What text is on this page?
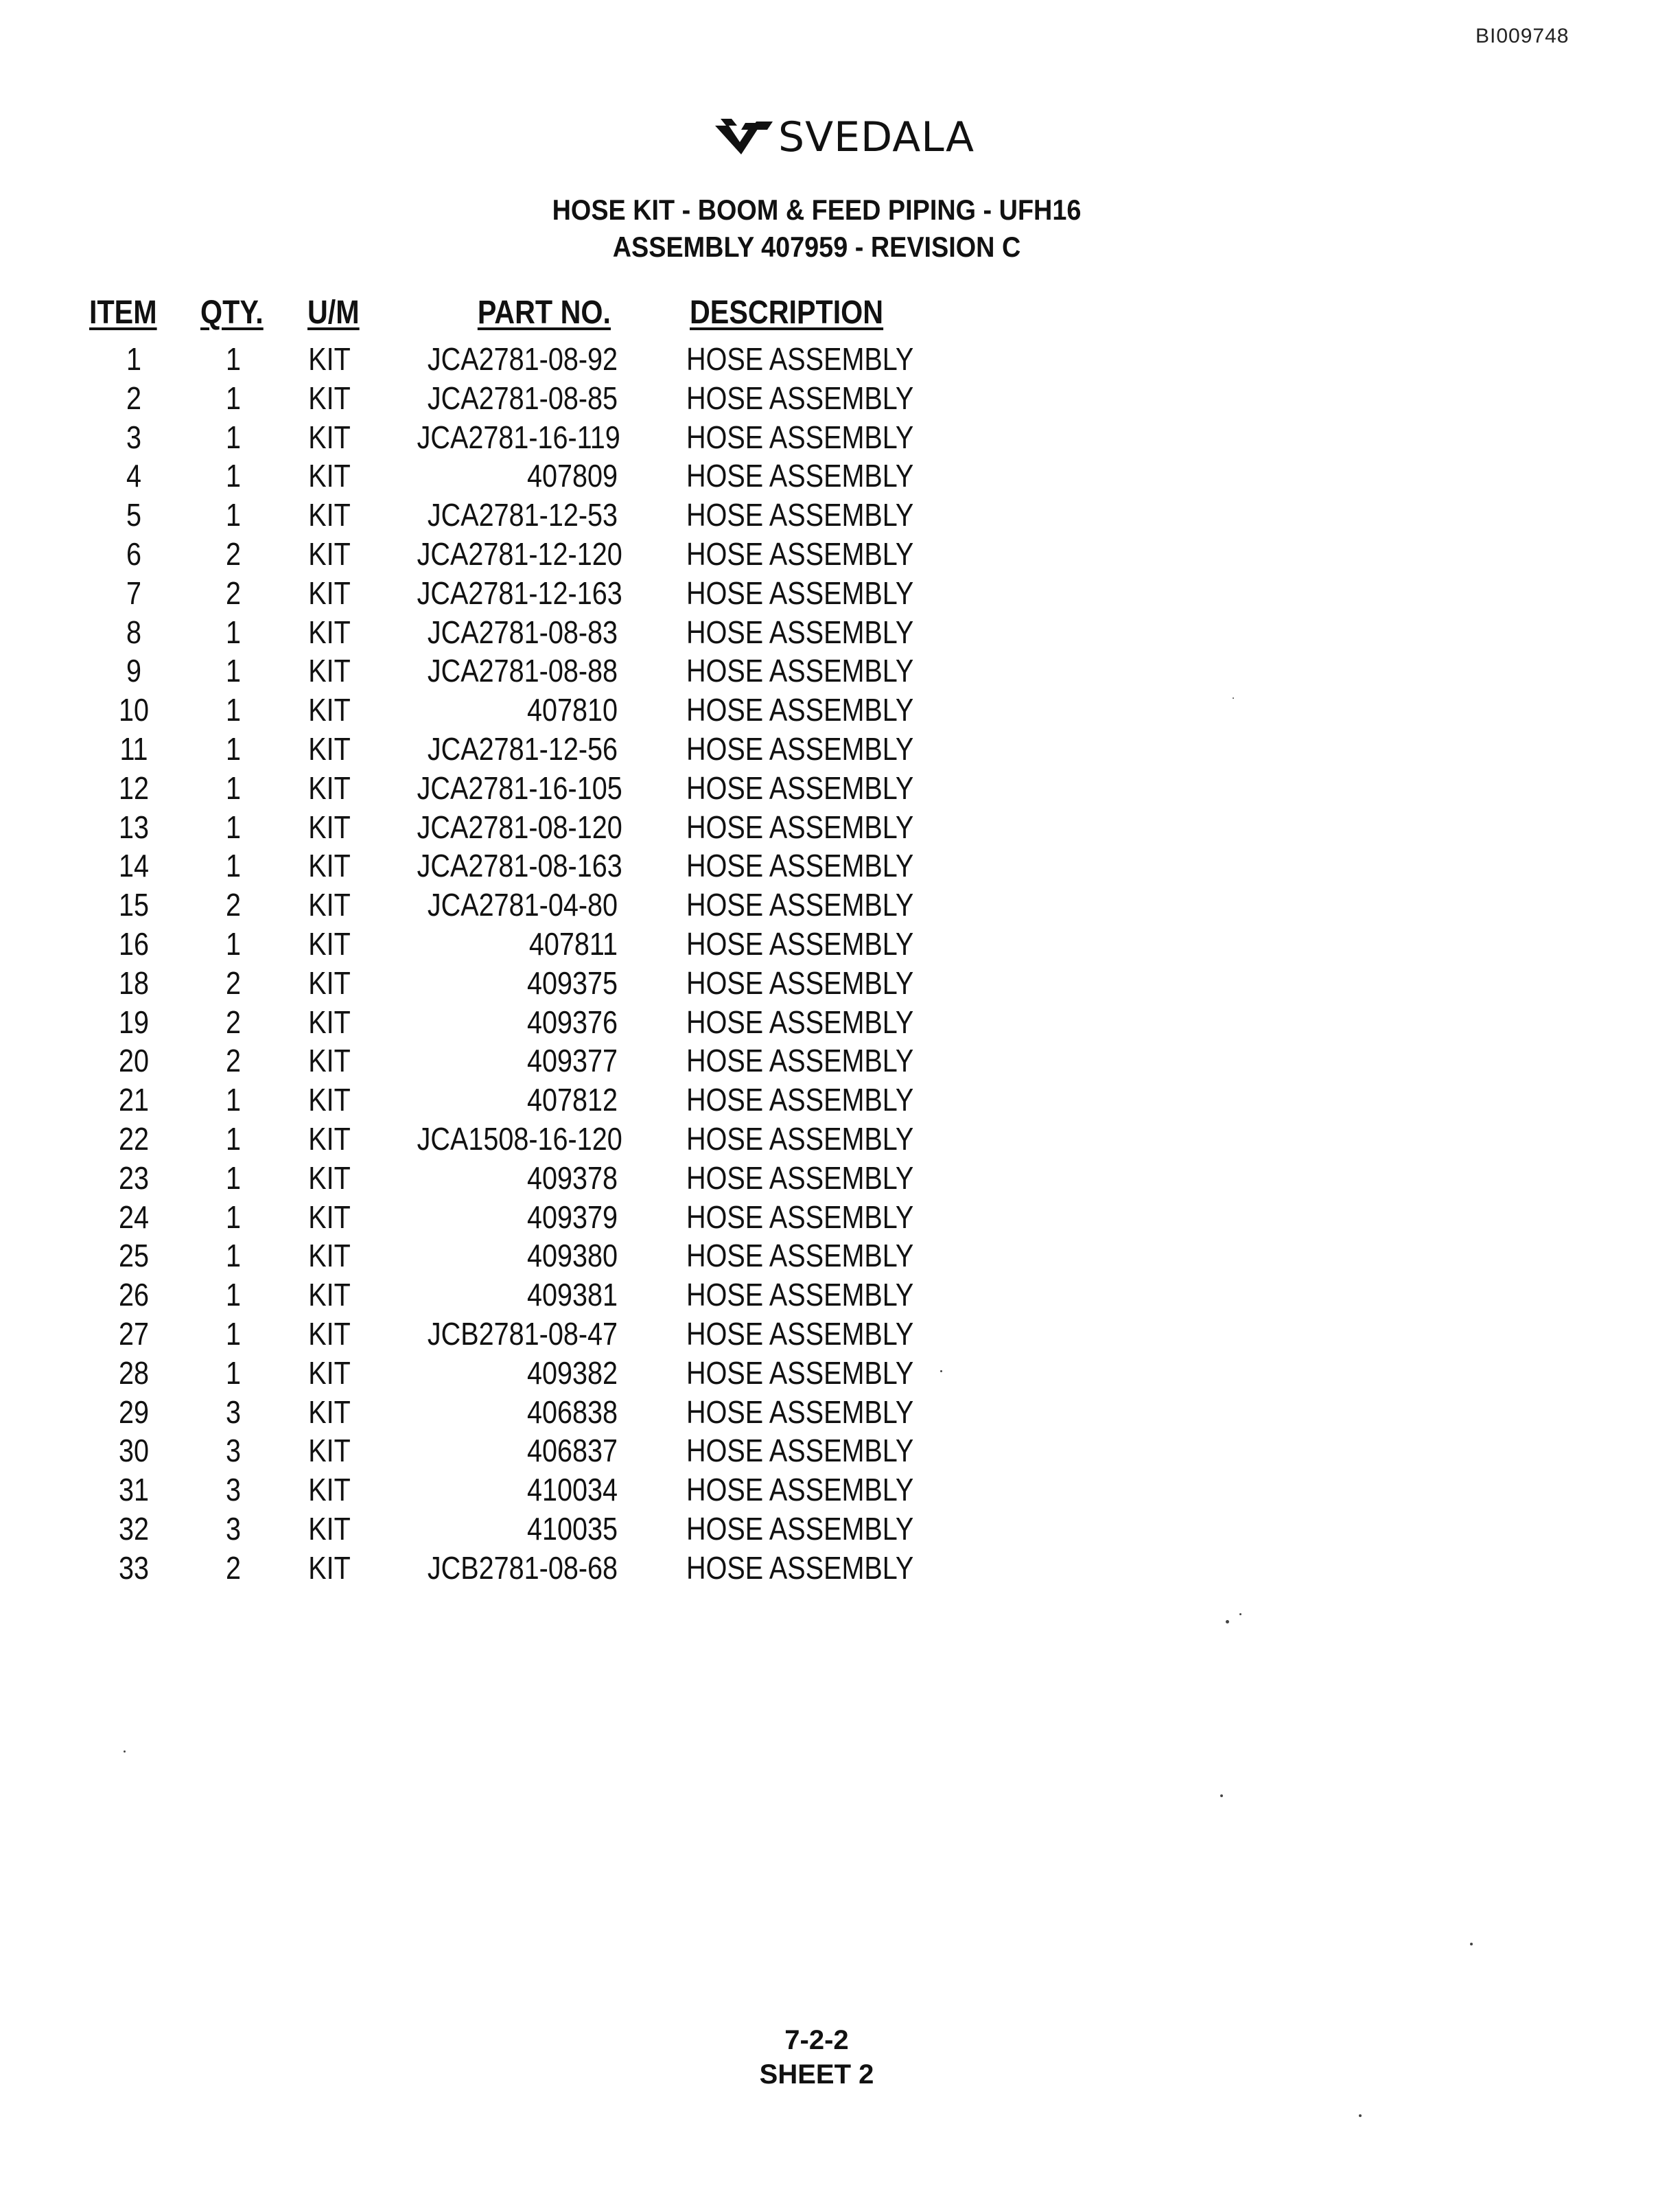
BI009748
SVEDALA
HOSE KIT - BOOM & FEED PIPING - UFH16
ASSEMBLY 407959 - REVISION C
ITEM QTY.	U/M	PART NO. DESCRIPTION
1	1	KIT	JCA2781-08-92 HOSE ASSEMBLY
2	1	KIT	JCA2781-08-85 HOSE ASSEMBLY
3	1	KIT JCA2781-16-119 HOSE ASSEMBLY
4	1	KIT	407809 HOSE ASSEMBLY
5	1	KIT	JCA2781-12-53 HOSE ASSEMBLY
6	2	KIT JCA2781-12-120 HOSE ASSEMBLY
7	2	KIT JCA2781-12-163 HOSE ASSEMBLY
8	1	KIT	JCA2781-08-83 HOSE ASSEMBLY
9	1	KIT	JCA2781-08-88 HOSE ASSEMBLY
10	1	KIT	407810 HOSE ASSEMBLY
11	1	KIT	JCA2781-12-56 HOSE ASSEMBLY
12	1	KIT JCA2781-16-105 HOSE ASSEMBLY
13	1	KIT JCA2781-08-120 HOSE ASSEMBLY
14	1	KIT JCA2781-08-163 HOSE ASSEMBLY
15	2	KIT	JCA2781-04-80 HOSE ASSEMBLY
16	1	KIT	407811 HOSE ASSEMBLY
18	2	KIT	409375 HOSE ASSEMBLY
19	2	KIT	409376 HOSE ASSEMBLY
20	2	KIT	409377 HOSE ASSEMBLY
21	1	KIT	407812 HOSE ASSEMBLY
22	1	KIT JCA1508-16-120 HOSE ASSEMBLY
23	1	KIT	409378 HOSE ASSEMBLY
24	1	KIT	409379 HOSE ASSEMBLY
25	1	KIT	409380 HOSE ASSEMBLY
26	1	KIT	409381 HOSE ASSEMBLY
27	1	KIT	JCB2781-08-47 HOSE ASSEMBLY
28	1	KIT	409382 HOSE ASSEMBLY
29	3	KIT	406838 HOSE ASSEMBLY
30	3	KIT	406837 HOSE ASSEMBLY
31	3	KIT	410034 HOSE ASSEMBLY
32	3	KIT	410035 HOSE ASSEMBLY
33	2	KIT	JCB2781-08-68 HOSE ASSEMBLY
7-2-2
SHEET 2
